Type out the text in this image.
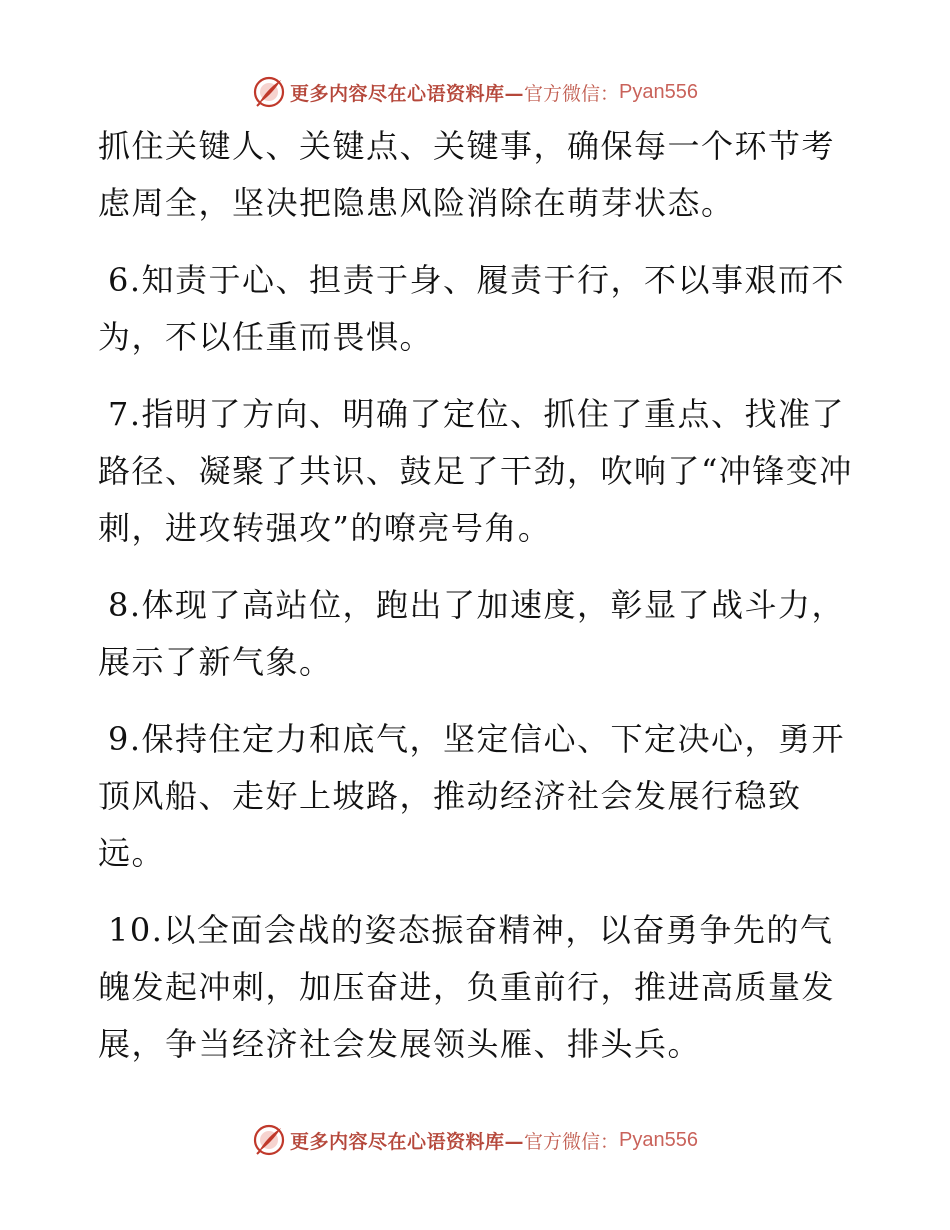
更多内容尽在心语资料库— 官方微信： Pyan556

抓住关键人、关键点、关键事，确保每一个环节考虑周全，坚决把隐患风险消除在萌芽状态。

6.知责于心、担责于身、履责于行，不以事艰而不为，不以任重而畏惧。

7.指明了方向、明确了定位、抓住了重点、找准了路径、凝聚了共识、鼓足了干劲，吹响了“冲锋变冲刺，进攻转强攻”的嘹亮号角。

8.体现了高站位，跑出了加速度，彰显了战斗力，展示了新气象。

9.保持住定力和底气，坚定信心、下定决心，勇开顶风船、走好上坡路，推动经济社会发展行稳致远。

10.以全面会战的姿态振奋精神，以奋勇争先的气魄发起冲刺，加压奋进，负重前行，推进高质量发展，争当经济社会发展领头雁、排头兵。

更多内容尽在心语资料库— 官方微信： Pyan556
